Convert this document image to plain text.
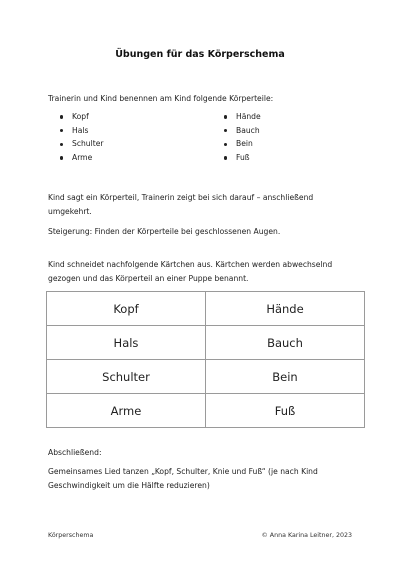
Übungen für das Körperschema
Trainerin und Kind benennen am Kind folgende Körperteile:
Kopf
Hals
Schulter
Arme
Hände
Bauch
Bein
Fuß
Kind sagt ein Körperteil, Trainerin zeigt bei sich darauf – anschließend umgekehrt.
Steigerung: Finden der Körperteile bei geschlossenen Augen.
Kind schneidet nachfolgende Kärtchen aus. Kärtchen werden abwechselnd gezogen und das Körperteil an einer Puppe benannt.
Kopf	Hände
Hals	Bauch
Schulter	Bein
Arme	Fuß
Abschließend:
Gemeinsames Lied tanzen „Kopf, Schulter, Knie und Fuß“ (je nach Kind Geschwindigkeit um die Hälfte reduzieren)
Körperschema	© Anna Karina Leitner, 2023
